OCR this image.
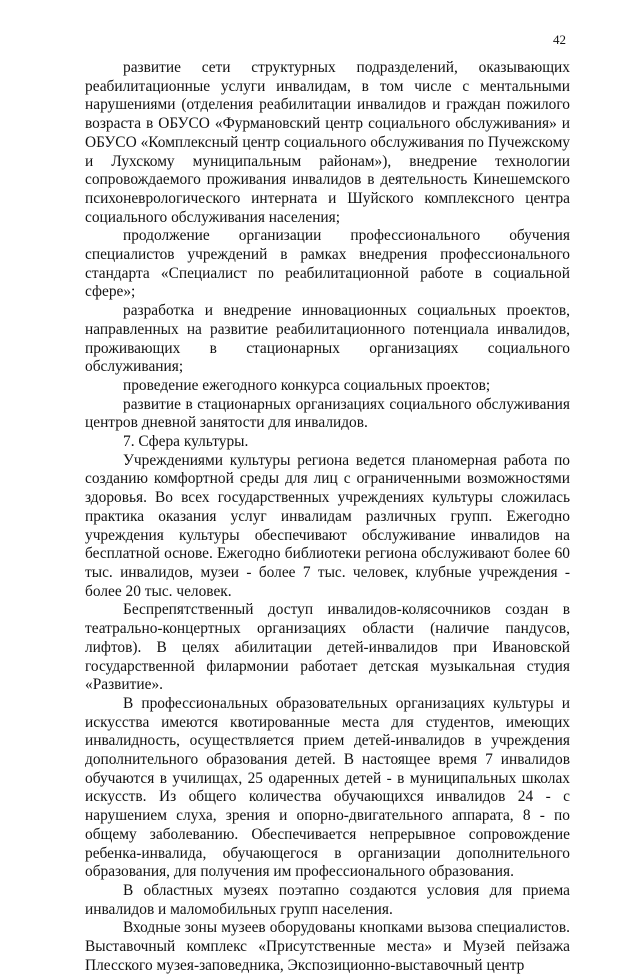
42

развитие сети структурных подразделений, оказывающих реабилитационные услуги инвалидам, в том числе с ментальными нарушениями (отделения реабилитации инвалидов и граждан пожилого возраста в ОБУСО «Фурмановский центр социального обслуживания» и ОБУСО «Комплексный центр социального обслуживания по Пучежскому и Лухскому муниципальным районам»), внедрение технологии сопровождаемого проживания инвалидов в деятельность Кинешемского психоневрологического интерната и Шуйского комплексного центра социального обслуживания населения;

продолжение организации профессионального обучения специалистов учреждений в рамках внедрения профессионального стандарта «Специалист по реабилитационной работе в социальной сфере»;

разработка и внедрение инновационных социальных проектов, направленных на развитие реабилитационного потенциала инвалидов, проживающих в стационарных организациях социального обслуживания;

проведение ежегодного конкурса социальных проектов;

развитие в стационарных организациях социального обслуживания центров дневной занятости для инвалидов.

7. Сфера культуры.

Учреждениями культуры региона ведется планомерная работа по созданию комфортной среды для лиц с ограниченными возможностями здоровья. Во всех государственных учреждениях культуры сложилась практика оказания услуг инвалидам различных групп. Ежегодно учреждения культуры обеспечивают обслуживание инвалидов на бесплатной основе. Ежегодно библиотеки региона обслуживают более 60 тыс. инвалидов, музеи - более 7 тыс. человек, клубные учреждения - более 20 тыс. человек.

Беспрепятственный доступ инвалидов-колясочников создан в театрально-концертных организациях области (наличие пандусов, лифтов). В целях абилитации детей-инвалидов при Ивановской государственной филармонии работает детская музыкальная студия «Развитие».

В профессиональных образовательных организациях культуры и искусства имеются квотированные места для студентов, имеющих инвалидность, осуществляется прием детей-инвалидов в учреждения дополнительного образования детей. В настоящее время 7 инвалидов обучаются в училищах, 25 одаренных детей - в муниципальных школах искусств. Из общего количества обучающихся инвалидов 24 - с нарушением слуха, зрения и опорно-двигательного аппарата, 8 - по общему заболеванию. Обеспечивается непрерывное сопровождение ребенка-инвалида, обучающегося в организации дополнительного образования, для получения им профессионального образования.

В областных музеях поэтапно создаются условия для приема инвалидов и маломобильных групп населения.

Входные зоны музеев оборудованы кнопками вызова специалистов. Выставочный комплекс «Присутственные места» и Музей пейзажа Плесского музея-заповедника, Экспозиционно-выставочный центр
